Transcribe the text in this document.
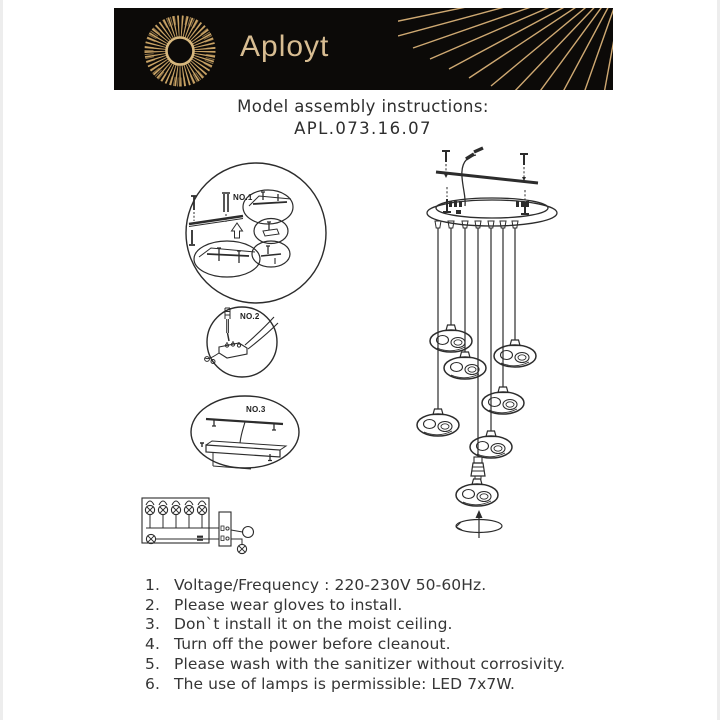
Aployt
Model assembly instructions:
APL.073.16.07
NO.1
NO.2
NO.3
1. Voltage/Frequency : 220-230V 50-60Hz.
2. Please wear gloves to install.
3. Don`t install it on the moist ceiling.
4. Turn off the power before cleanout.
5. Please wash with the sanitizer without corrosivity.
6. The use of lamps is permissible: LED 7x7W.
